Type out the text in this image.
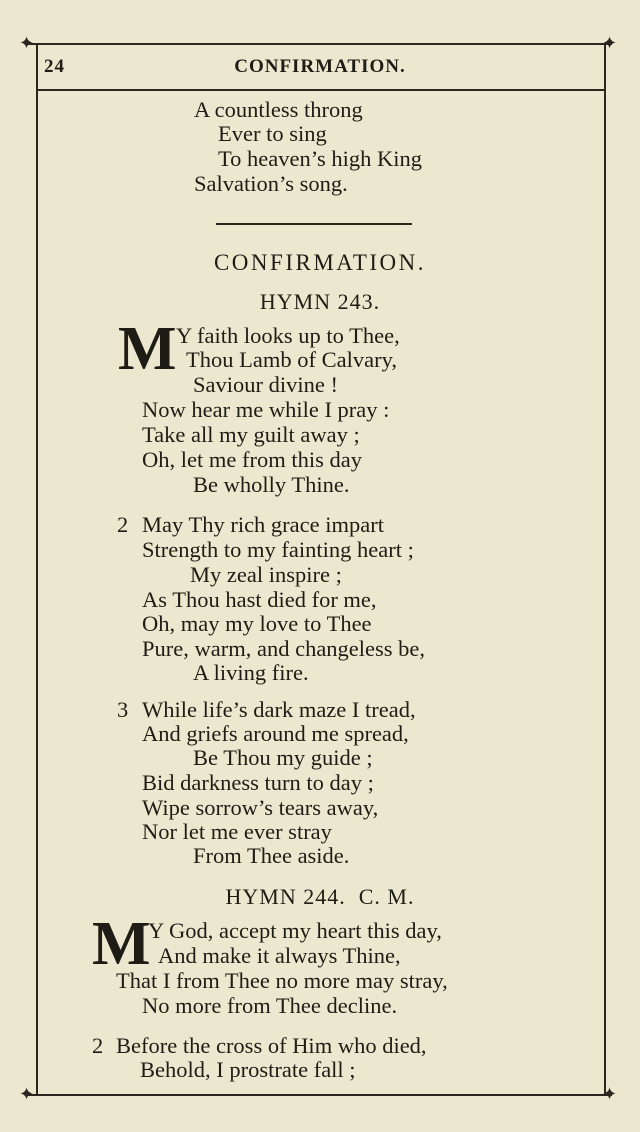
✦	✦
✦	✦
24	CONFIRMATION.
A countless throng
Ever to sing
To heaven’s high King
Salvation’s song.
CONFIRMATION.
HYMN 243.
M Y faith looks up to Thee,
Thou Lamb of Calvary,
Saviour divine !
Now hear me while I pray :
Take all my guilt away ;
Oh, let me from this day
Be wholly Thine.
2 May Thy rich grace impart
Strength to my fainting heart ;
My zeal inspire ;
As Thou hast died for me,
Oh, may my love to Thee
Pure, warm, and changeless be,
A living fire.
3 While life’s dark maze I tread,
And griefs around me spread,
Be Thou my guide ;
Bid darkness turn to day ;
Wipe sorrow’s tears away,
Nor let me ever stray
From Thee aside.
HYMN 244.  C. M.
M Y God, accept my heart this day,
And make it always Thine,
That I from Thee no more may stray,
No more from Thee decline.
2 Before the cross of Him who died,
Behold, I prostrate fall ;
